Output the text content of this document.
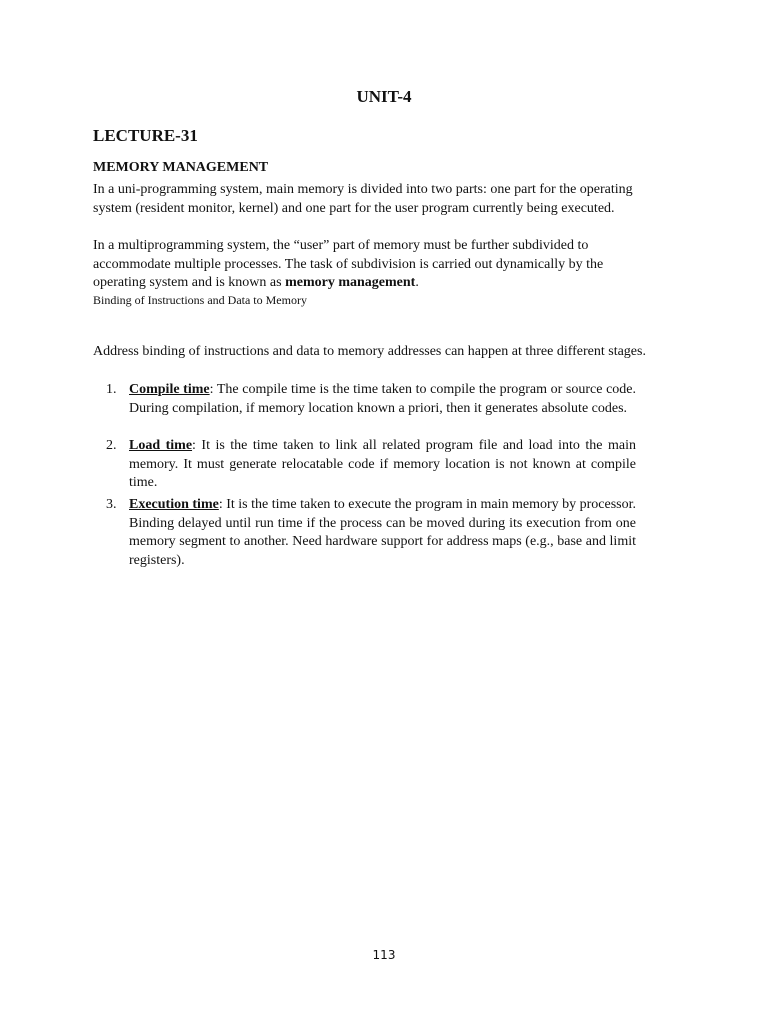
UNIT-4
LECTURE-31
MEMORY MANAGEMENT

In a uni-programming system, main memory is divided into two parts: one part for the operating system (resident monitor, kernel) and one part for the user program currently being executed.

In a multiprogramming system, the “user” part of memory must be further subdivided to accommodate multiple processes. The task of subdivision is carried out dynamically by the operating system and is known as memory management.

Binding of Instructions and Data to Memory

Address binding of instructions and data to memory addresses can happen at three different stages.

1. Compile time: The compile time is the time taken to compile the program or source code. During compilation, if memory location known a priori, then it generates absolute codes.
2. Load time: It is the time taken to link all related program file and load into the main memory. It must generate relocatable code if memory location is not known at compile time.
3. Execution time: It is the time taken to execute the program in main memory by processor. Binding delayed until run time if the process can be moved during its execution from one memory segment to another. Need hardware support for address maps (e.g., base and limit registers).

113
